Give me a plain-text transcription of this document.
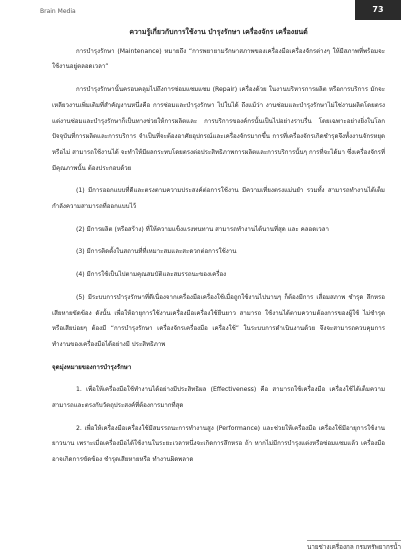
Brain Media	73

ความรู้เกี่ยวกับการใช้งาน บำรุงรักษา เครื่องจักร เครื่องยนต์

การบำรุงรักษา (Maintenance) หมายถึง “การพยายามรักษาสภาพของเครื่องมือเครื่องจักรต่างๆ ให้มีสภาพที่พร้อมจะใช้งานอยู่ตลอดเวลา”

การบำรุงรักษานั้นครอบคลุมไปถึงการซ่อมแซมแซม (Repair) เครื่องด้วย ในงานบริหารการผลิต หรือการบริการ มักจะเหลียวงานเพิ่มเติมที่สำคัญงานหนึ่งคือ การซ่อมและบำรุงรักษา ไปในได้ ถึงแม้ว่า งานซ่อมและบำรุงรักษาไม่ใช่งานผลิตโดยตรง แต่งานซ่อมและบำรุงรักษาก็เป็นทางช่วยให้การผลิตและ การบริการของค์กรนั้นเป็นไปอย่างราบรื่น โดยเฉพาะอย่างยิ่งในโลกปัจจุบันที่การผลิตและการบริการ จำเป็นที่จะต้องอาศัยอุปกรณ์และเครื่องจักรมากขึ้น การที่เครื่องจักรเกิดชำรุดจึงทั้งงานจักรหยุดหรือไม่ สามารถใช้งานได้ จะทำให้มีผลกระทบโดยตรงต่อประสิทธิภาพการผลิตและการบริการนั้นๆ การที่จะได้มา ซึ่งเครื่องจักรที่มีคุณภาพนั้น ต้องประกอบด้วย

(1) มีการออกแบบที่ดีและตรงตามความประสงค์ต่อการใช้งาน มีความเที่ยงตรงแม่นยำ รวมทั้ง สามารถทำงานได้เต็มกำลังความสามารถที่ออกแบบไว้

(2) มีการผลิต (หรือสร้าง) ที่ให้ความแข็งแรงทนทาน สามารถทำงานได้นานที่สุด และ คลอดเวลา

(3) มีการติดตั้งในสถานที่ที่เหมาะสมและสะดวกต่อการใช้งาน

(4) มีการใช้เป็นไปตามคุณสมบัติและสมรรถนะของเครื่อง

(5) มีระบบการบำรุงรักษาที่ดีเนื่องจากเครื่องมือเครื่องใช้เมื่อถูกใช้งานไปนานๆ ก็ต้องมีการ เสื่อมสภาพ ชำรุด สึกหรอ เสียหายขัดข้อง ดังนั้น เพื่อให้อายุการใช้งานเครื่องมือเครื่องใช้ยืนยาว สามารถ ใช้งานได้ตามความต้องการของผู้ใช้ ไม่ชำรุดหรือเสียบ่อยๆ ต้องมี “การบำรุงรักษา เครื่องจักรเครื่องมือ เครื่องใช้” ในระบบการดำเนินงานด้วย จึงจะสามารถควบคุมการทำงานของเครื่องมือได้อย่างมี ประสิทธิภาพ

จุดมุ่งหมายของการบำรุงรักษา

1. เพื่อให้เครื่องมือใช้ทำงานได้อย่างมีประสิทธิผล (Effectiveness) คือ สามารถใช้เครื่องมือ เครื่องใช้ได้เต็มความสามารถและตรงกับวัตถุประสงค์ที่ต้องการมากที่สุด

2. เพื่อให้เครื่องมือเครื่องใช้มีสมรรถนะการทำงานสูง (Performance) และช่วยให้เครื่องมือ เครื่องใช้มีอายุการใช้งานยาวนาน เพราะเมื่อเครื่องมือได้ใช้งานในระยะเวลาหนึ่งจะเกิดการสึกหรอ ถ้า หากไม่มีการบำรุงแต่งหรือซ่อมแซมแล้ว เครื่องมืออาจเกิดการขัดข้อง ชำรุดเสียหายหรือ ทำงานผิดพลาด

นายช่างเครื่องกล กรมทรัพยากรน้ำ
